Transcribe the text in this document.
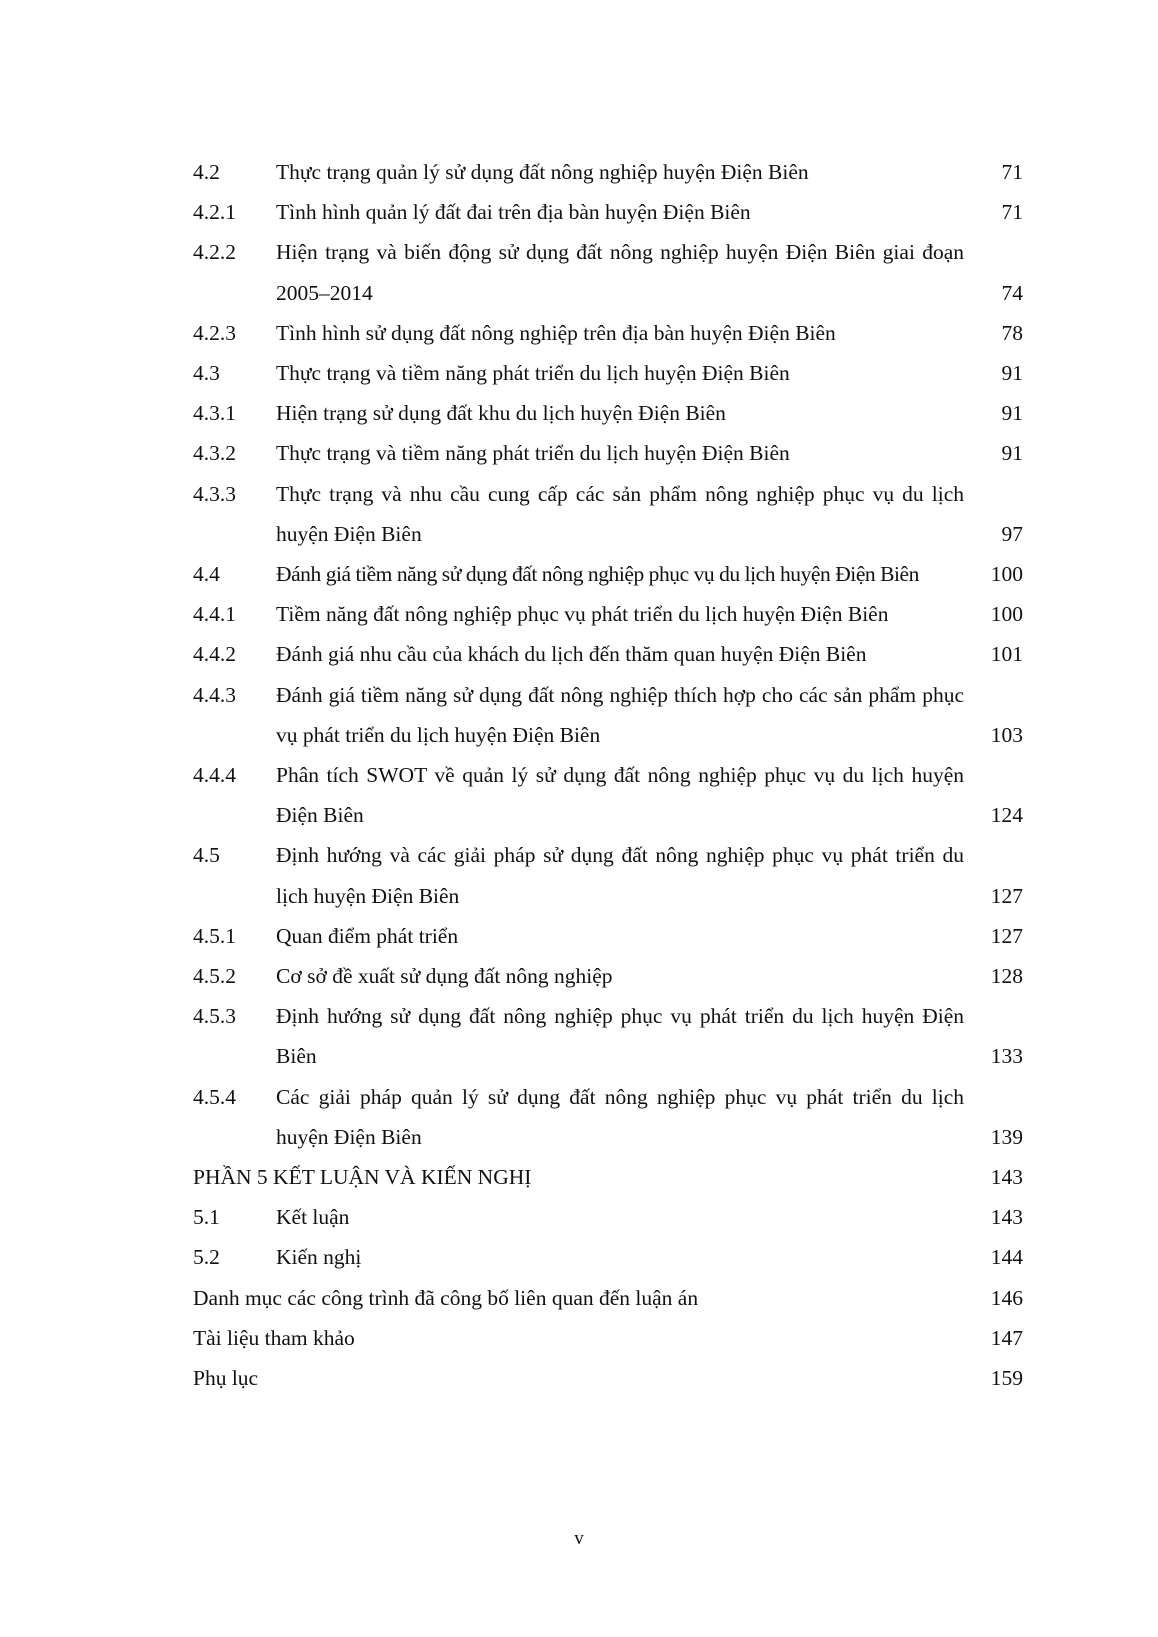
4.2	Thực trạng quản lý sử dụng đất nông nghiệp huyện Điện Biên	71
4.2.1	Tình hình quản lý đất đai trên địa bàn huyện Điện Biên	71
4.2.2	Hiện trạng và biến động sử dụng đất nông nghiệp huyện Điện Biên giai đoạn 2005–2014	74
4.2.3	Tình hình sử dụng đất nông nghiệp trên địa bàn huyện Điện Biên	78
4.3	Thực trạng và tiềm năng phát triển du lịch huyện Điện Biên	91
4.3.1	Hiện trạng sử dụng đất khu du lịch huyện Điện Biên	91
4.3.2	Thực trạng và tiềm năng phát triển du lịch huyện Điện Biên	91
4.3.3	Thực trạng và nhu cầu cung cấp các sản phẩm nông nghiệp phục vụ du lịch huyện Điện Biên	97
4.4	Đánh giá tiềm năng sử dụng đất nông nghiệp phục vụ du lịch huyện Điện Biên	100
4.4.1	Tiềm năng đất nông nghiệp phục vụ phát triển du lịch huyện Điện Biên	100
4.4.2	Đánh giá nhu cầu của khách du lịch đến thăm quan huyện Điện Biên	101
4.4.3	Đánh giá tiềm năng sử dụng đất nông nghiệp thích hợp cho các sản phẩm phục vụ phát triển du lịch huyện Điện Biên	103
4.4.4	Phân tích SWOT về quản lý sử dụng đất nông nghiệp phục vụ du lịch huyện Điện Biên	124
4.5	Định hướng và các giải pháp sử dụng đất nông nghiệp phục vụ phát triển du lịch huyện Điện Biên	127
4.5.1	Quan điểm phát triển	127
4.5.2	Cơ sở đề xuất sử dụng đất nông nghiệp	128
4.5.3	Định hướng sử dụng đất nông nghiệp phục vụ phát triển du lịch huyện Điện Biên	133
4.5.4	Các giải pháp quản lý sử dụng đất nông nghiệp phục vụ phát triển du lịch huyện Điện Biên	139
PHẦN 5 KẾT LUẬN VÀ KIẾN NGHỊ	143
5.1	Kết luận	143
5.2	Kiến nghị	144
Danh mục các công trình đã công bố liên quan đến luận án	146
Tài liệu tham khảo	147
Phụ lục	159
v
